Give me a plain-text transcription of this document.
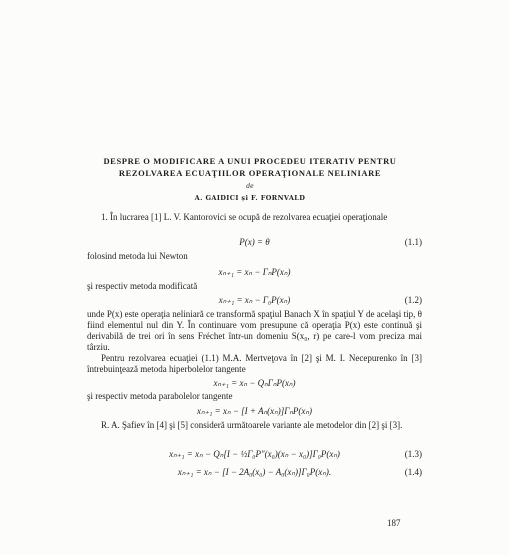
DESPRE O MODIFICARE A UNUI PROCEDEU ITERATIV PENTRU
REZOLVAREA ECUAŢIILOR OPERAŢIONALE NELINIARE
de
A. GAIDICI și F. FORNVALD

1. În lucrarea [1] L. V. Kantorovici se ocupă de rezolvarea ecuaţiei operaţionale

P(x) = θ	(1.1)

folosind metoda lui Newton

xₙ₊₁ = xₙ − ΓₙP(xₙ)

şi respectiv metoda modificată

xₙ₊₁ = xₙ − Γ₀P(xₙ)	(1.2)

unde P(x) este operaţia neliniară ce transformă spaţiul Banach X în spaţiul Y de acelaşi tip, θ fiind elementul nul din Y. În continuare vom presupune că operaţia P(x) este continuă şi derivabilă de trei ori în sens Fréchet într-un domeniu S(x₀, r) pe care-l vom preciza mai târziu.

Pentru rezolvarea ecuaţiei (1.1) M.A. Mertveţova în [2] şi M. I. Necepurenko în [3] întrebuinţează metoda hiperbolelor tangente

xₙ₊₁ = xₙ − QₙΓₙP(xₙ)

şi respectiv metoda parabolelor tangente

xₙ₊₁ = xₙ − [I + Aₙ(xₙ)]ΓₙP(xₙ)

R. A. Şafiev în [4] şi [5] consideră următoarele variante ale metodelor din [2] şi [3].

xₙ₊₁ = xₙ − Qₙ[I − ½Γ₀P″(x₀)(xₙ − x₀)]Γ₀P(xₙ)	(1.3)
xₙ₊₁ = xₙ − [I − 2A₀(x₀) − A₀(xₙ)]Γ₀P(xₙ).	(1.4)
187
